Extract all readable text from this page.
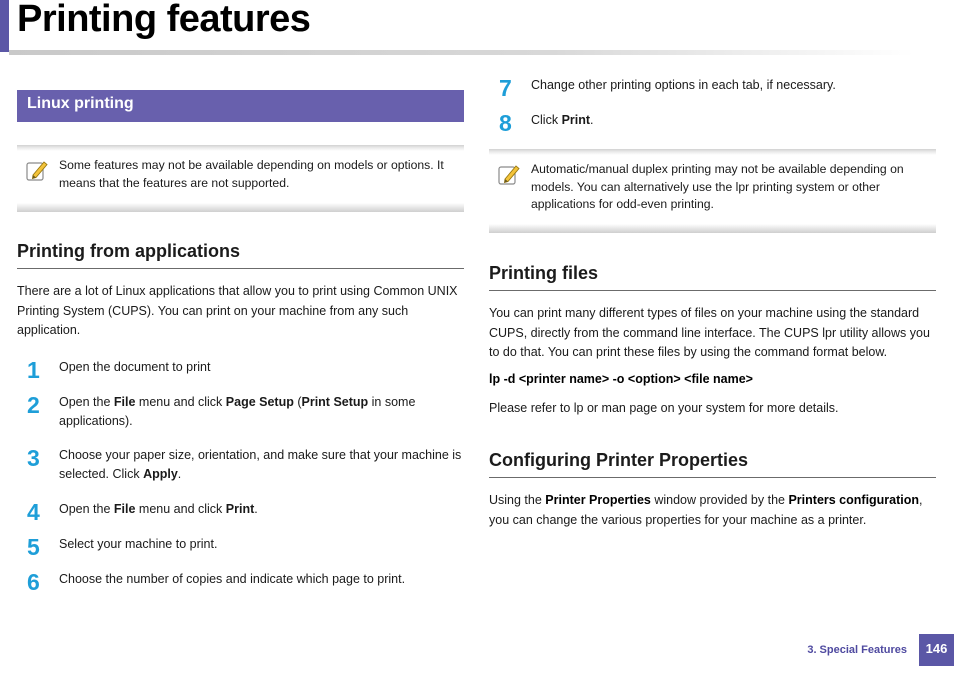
Printing features
Linux printing
Some features may not be available depending on models or options. It means that the features are not supported.
Printing from applications
There are a lot of Linux applications that allow you to print using Common UNIX Printing System (CUPS). You can print on your machine from any such application.
1	Open the document to print
2	Open the File menu and click Page Setup (Print Setup in some applications).
3	Choose your paper size, orientation, and make sure that your machine is selected. Click Apply.
4	Open the File menu and click Print.
5	Select your machine to print.
6	Choose the number of copies and indicate which page to print.
7	Change other printing options in each tab, if necessary.
8	Click Print.
Automatic/manual duplex printing may not be available depending on models. You can alternatively use the lpr printing system or other applications for odd-even printing.
Printing files
You can print many different types of files on your machine using the standard CUPS, directly from the command line interface. The CUPS lpr utility allows you to do that. You can print these files by using the command format below.
lp -d <printer name> -o <option> <file name>
Please refer to lp or man page on your system for more details.
Configuring Printer Properties
Using the Printer Properties window provided by the Printers configuration, you can change the various properties for your machine as a printer.
3. Special Features	146
